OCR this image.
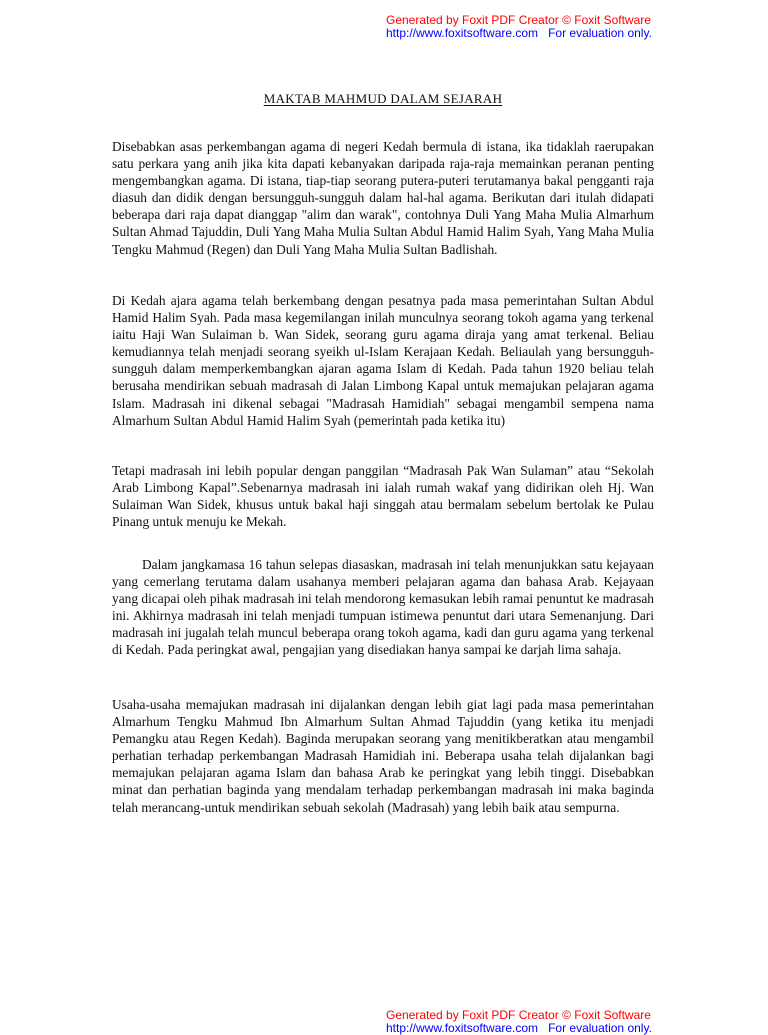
Generated by Foxit PDF Creator © Foxit Software
http://www.foxitsoftware.com For evaluation only.
MAKTAB MAHMUD DALAM SEJARAH

Disebabkan asas perkembangan agama di negeri Kedah bermula di istana, ika tidaklah raerupakan satu perkara yang anih jika kita dapati kebanyakan daripada raja-raja memainkan peranan penting mengembangkan agama. Di istana, tiap-tiap seorang putera-puteri terutamanya bakal pengganti raja diasuh dan didik dengan bersungguh-sungguh dalam hal-hal agama. Berikutan dari itulah didapati beberapa dari raja dapat dianggap "alim dan warak", contohnya Duli Yang Maha Mulia Almarhum Sultan Ahmad Tajuddin, Duli Yang Maha Mulia Sultan Abdul Hamid Halim Syah, Yang Maha Mulia Tengku Mahmud (Regen) dan Duli Yang Maha Mulia Sultan Badlishah.

Di Kedah ajara agama telah berkembang dengan pesatnya pada masa pemerintahan Sultan Abdul Hamid Halim Syah. Pada masa kegemilangan inilah munculnya seorang tokoh agama yang terkenal iaitu Haji Wan Sulaiman b. Wan Sidek, seorang guru agama diraja yang amat terkenal. Beliau kemudiannya telah menjadi seorang syeikh ul-Islam Kerajaan Kedah. Beliaulah yang bersungguh-sungguh dalam memperkembangkan ajaran agama Islam di Kedah. Pada tahun 1920 beliau telah berusaha mendirikan sebuah madrasah di Jalan Limbong Kapal untuk memajukan pelajaran agama Islam. Madrasah ini dikenal sebagai "Madrasah Hamidiah" sebagai mengambil sempena nama Almarhum Sultan Abdul Hamid Halim Syah (pemerintah pada ketika itu)

Tetapi madrasah ini lebih popular dengan panggilan “Madrasah Pak Wan Sulaman” atau “Sekolah Arab Limbong Kapal”.Sebenarnya madrasah ini ialah rumah wakaf yang didirikan oleh Hj. Wan Sulaiman Wan Sidek, khusus untuk bakal haji singgah atau bermalam sebelum bertolak ke Pulau Pinang untuk menuju ke Mekah.

Dalam jangkamasa 16 tahun selepas diasaskan, madrasah ini telah menunjukkan satu kejayaan yang cemerlang terutama dalam usahanya memberi pelajaran agama dan bahasa Arab. Kejayaan yang dicapai oleh pihak madrasah ini telah mendorong kemasukan lebih ramai penuntut ke madrasah ini. Akhirnya madrasah ini telah menjadi tumpuan istimewa penuntut dari utara Semenanjung. Dari madrasah ini jugalah telah muncul beberapa orang tokoh agama, kadi dan guru agama yang terkenal di Kedah. Pada peringkat awal, pengajian yang disediakan hanya sampai ke darjah lima sahaja.

Usaha-usaha memajukan madrasah ini dijalankan dengan lebih giat lagi pada masa pemerintahan Almarhum Tengku Mahmud Ibn Almarhum Sultan Ahmad Tajuddin (yang ketika itu menjadi Pemangku atau Regen Kedah). Baginda merupakan seorang yang menitikberatkan atau mengambil perhatian terhadap perkembangan Madrasah Hamidiah ini. Beberapa usaha telah dijalankan bagi memajukan pelajaran agama Islam dan bahasa Arab ke peringkat yang lebih tinggi. Disebabkan minat dan perhatian baginda yang mendalam terhadap perkembangan madrasah ini maka baginda telah merancang-untuk mendirikan sebuah sekolah (Madrasah) yang lebih baik atau sempurna.

Generated by Foxit PDF Creator © Foxit Software
http://www.foxitsoftware.com For evaluation only.
